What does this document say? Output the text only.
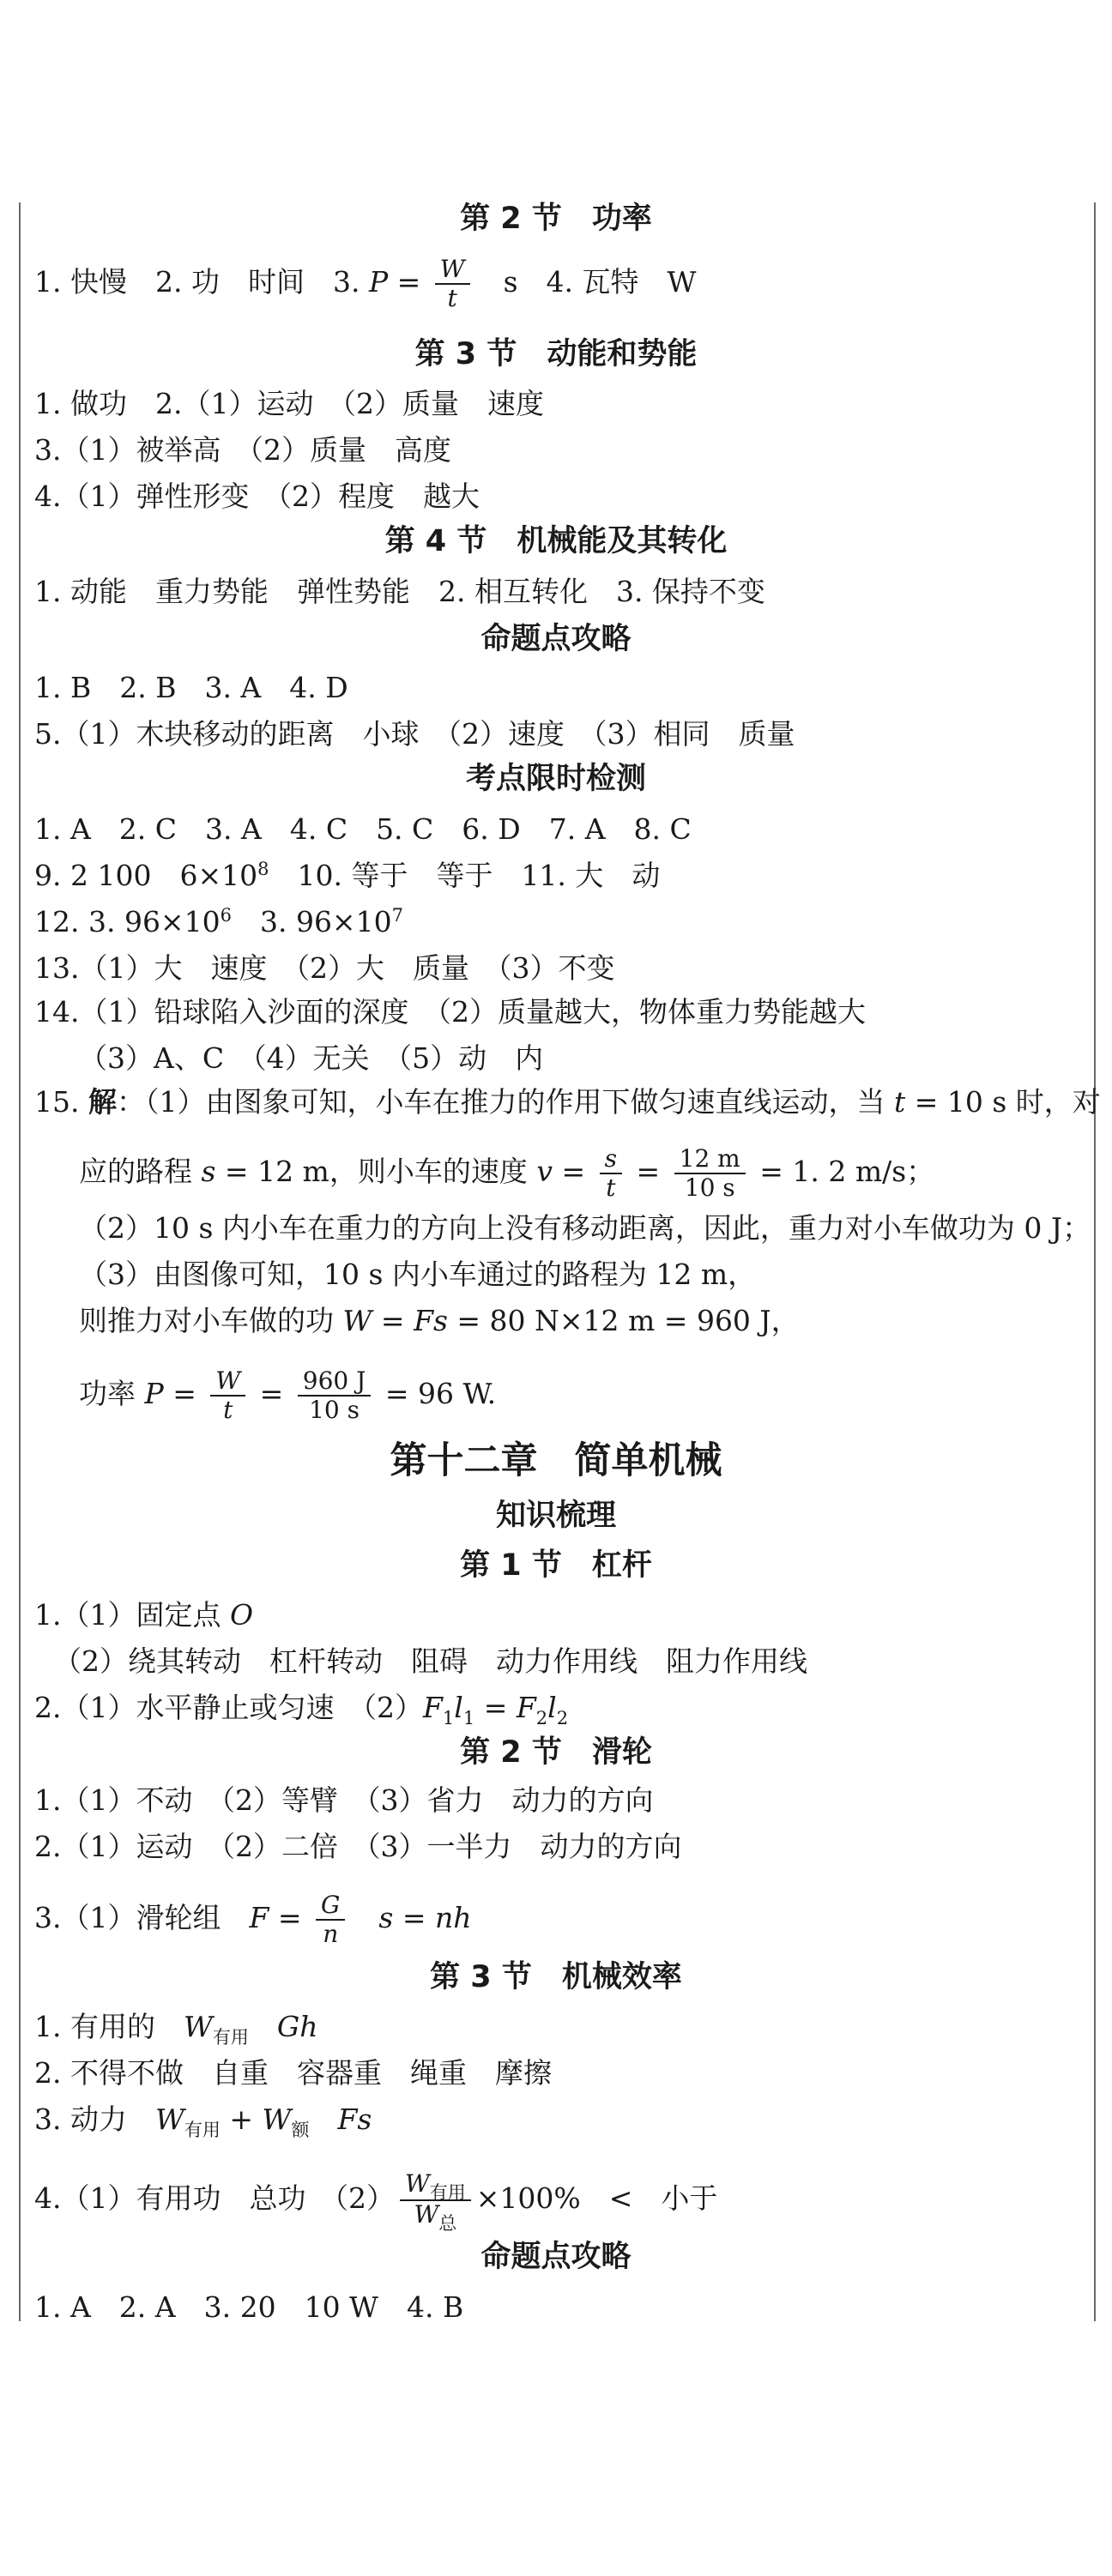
第 2 节　功率
1. 快慢　2. 功　时间　3. $P = \frac{W}{t}$ 　s　4. 瓦特　W
第 3 节　动能和势能
1. 做功　2.（1）运动　（2）质量　速度
3.（1）被举高　（2）质量　高度
4.（1）弹性形变　（2）程度　越大
第 4 节　机械能及其转化
1. 动能　重力势能　弹性势能　2. 相互转化　3. 保持不变
命题点攻略
1. B　2. B　3. A　4. D
5.（1）木块移动的距离　小球　（2）速度　（3）相同　质量
考点限时检测
1. A　2. C　3. A　4. C　5. C　6. D　7. A　8. C
9. 2 100　$6\times 10^8$　10. 等于　等于　11. 大　动
12. 3. $96\times 10^6$　3. $96\times 10^7$
13.（1）大　速度　（2）大　质量　（3）不变
14.（1）铅球陷入沙面的深度　（2）质量越大，物体重力势能越大
（3）A、C　（4）无关　（5）动　内
15. 解：（1）由图象可知，小车在推力的作用下做匀速直线运动，当 t = 10 s 时，对
应的路程 s = 12 m，则小车的速度 $v = \frac{s}{t} = \frac{12 m}{10 s} = 1$. 2 m/s；
（2）10 s 内小车在重力的方向上没有移动距离，因此，重力对小车做功为 0 J；
（3）由图像可知，10 s 内小车通过的路程为 12 m，
则推力对小车做的功 W = Fs = 80 N×12 m = 960 J，
功率 $P = \frac{W}{t} = \frac{960 J}{10 s} = 96$ W.
第十二章　简单机械
知识梳理
第 1 节　杠杆
1.（1）固定点 O
（2）绕其转动　杠杆转动　阻碍　动力作用线　阻力作用线
2.（1）水平静止或匀速　$(2)F_1l_1 = F_2l_2$
第 2 节　滑轮
1.（1）不动　（2）等臂　（3）省力　动力的方向
2.（1）运动　（2）二倍　（3）一半力　动力的方向
3.（1）滑轮组　$F = \frac{G}{n}$
　 s = nh
第 3 节　机械效率
1. 有用的　$W_{有用}$　 Gh
2. 不得不做　自重　容器重　绳重　摩擦
3. 动力　$W_{有用} + W_额$　 Fs
4.（1）有用功　总功　$(2) \frac{W_{有用}}{W_总} \times 100\%$　<　小于
命题点攻略
1. A　2. A　3. 20　10 W　4. B
